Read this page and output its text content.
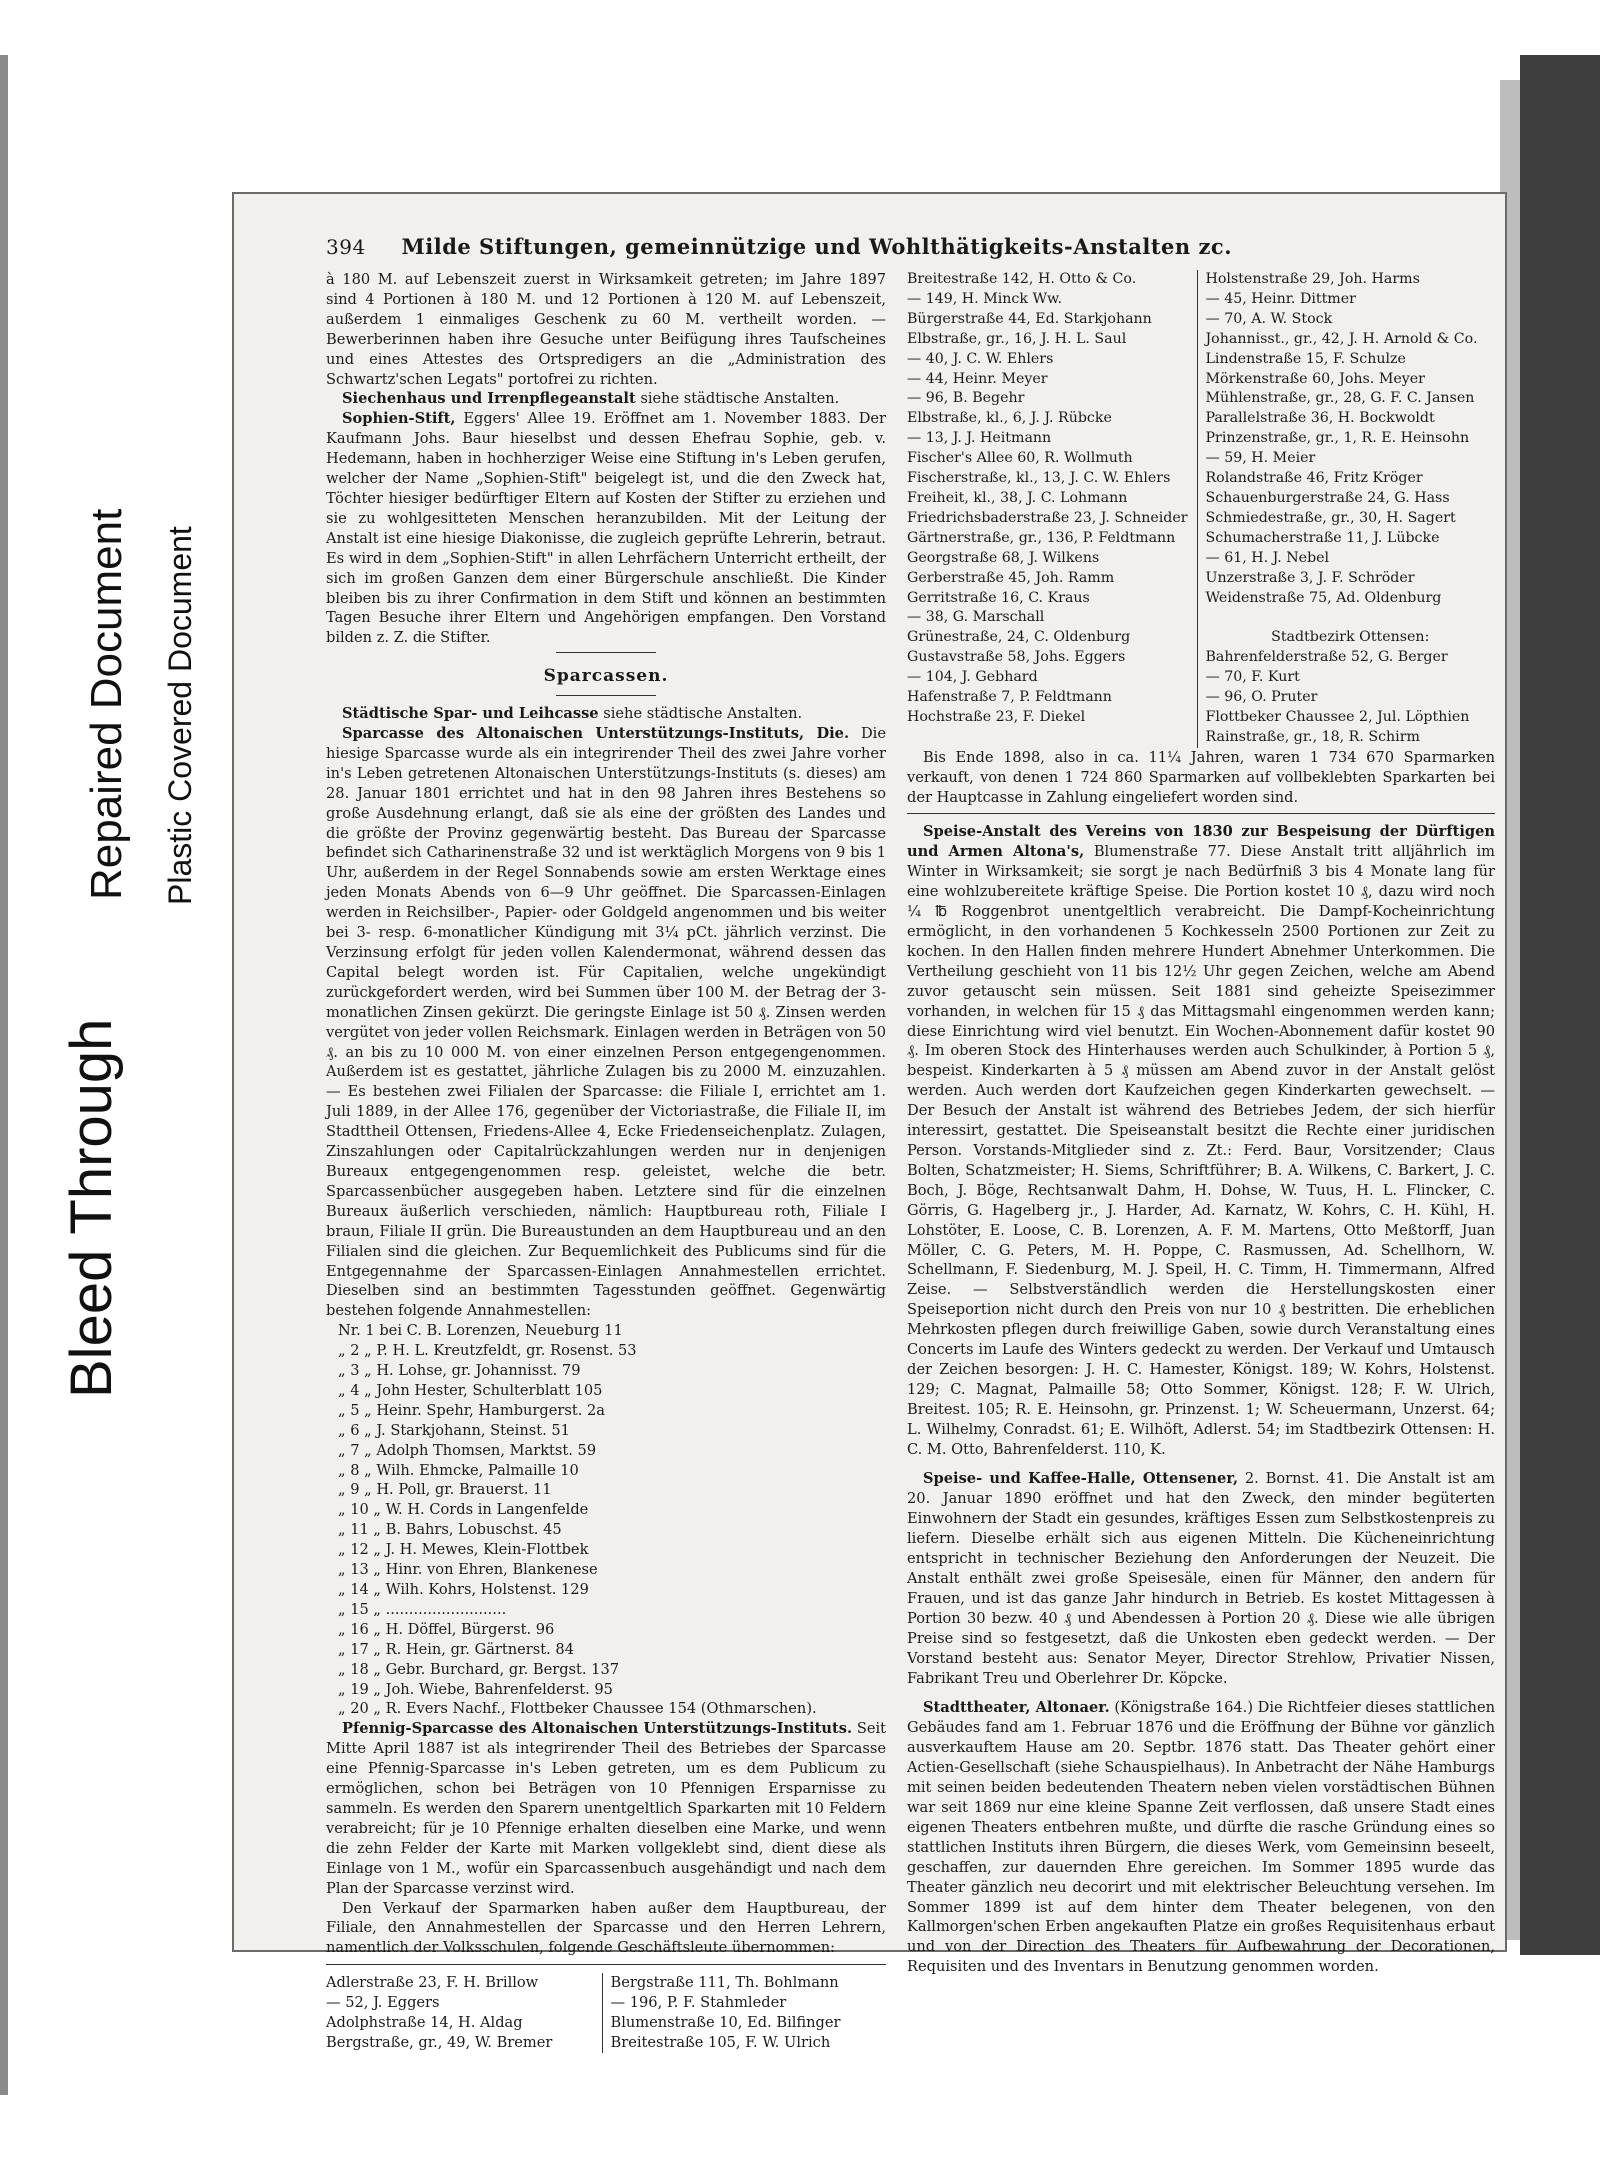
Bleed Through
Repaired Document Plastic Covered Document
394 Milde Stiftungen, gemeinnützige und Wohlthätigkeits-Anstalten zc.

à 180 M. auf Lebenszeit zuerst in Wirksamkeit getreten; im Jahre 1897 sind 4 Portionen à 180 M. und 12 Portionen à 120 M. auf Lebenszeit, außerdem 1 einmaliges Geschenk zu 60 M. vertheilt worden. — Bewerberinnen haben ihre Gesuche unter Beifügung ihres Taufscheines und eines Attestes des Ortspredigers an die „Administration des Schwartz'schen Legats" portofrei zu richten.

Siechenhaus und Irrenpflegeanstalt siehe städtische Anstalten.

Sophien-Stift, Eggers' Allee 19. Eröffnet am 1. November 1883. Der Kaufmann Johs. Baur hieselbst und dessen Ehefrau Sophie, geb. v. Hedemann, haben in hochherziger Weise eine Stiftung in's Leben gerufen, welcher der Name „Sophien-Stift" beigelegt ist, und die den Zweck hat, Töchter hiesiger bedürftiger Eltern auf Kosten der Stifter zu erziehen und sie zu wohlgesitteten Menschen heranzubilden. Mit der Leitung der Anstalt ist eine hiesige Diakonisse, die zugleich geprüfte Lehrerin, betraut. Es wird in dem „Sophien-Stift" in allen Lehrfächern Unterricht ertheilt, der sich im großen Ganzen dem einer Bürgerschule anschließt. Die Kinder bleiben bis zu ihrer Confirmation in dem Stift und können an bestimmten Tagen Besuche ihrer Eltern und Angehörigen empfangen. Den Vorstand bilden z. Z. die Stifter.

Sparcassen.

Städtische Spar- und Leihcasse siehe städtische Anstalten.

Sparcasse des Altonaischen Unterstützungs-Instituts, Die. Die hiesige Sparcasse wurde als ein integrirender Theil des zwei Jahre vorher in's Leben getretenen Altonaischen Unterstützungs-Instituts (s. dieses) am 28. Januar 1801 errichtet und hat in den 98 Jahren ihres Bestehens so große Ausdehnung erlangt, daß sie als eine der größten des Landes und die größte der Provinz gegenwärtig besteht. Das Bureau der Sparcasse befindet sich Catharinenstraße 32 und ist werktäglich Morgens von 9 bis 1 Uhr, außerdem in der Regel Sonnabends sowie am ersten Werktage eines jeden Monats Abends von 6—9 Uhr geöffnet. Die Sparcassen-Einlagen werden in Reichsilber-, Papier- oder Goldgeld angenommen und bis weiter bei 3- resp. 6-monatlicher Kündigung mit 3¼ pCt. jährlich verzinst. Die Verzinsung erfolgt für jeden vollen Kalendermonat, während dessen das Capital belegt worden ist. Für Capitalien, welche ungekündigt zurückgefordert werden, wird bei Summen über 100 M. der Betrag der 3-monatlichen Zinsen gekürzt. Die geringste Einlage ist 50 ₰. Zinsen werden vergütet von jeder vollen Reichsmark. Einlagen werden in Beträgen von 50 ₰. an bis zu 10 000 M. von einer einzelnen Person entgegengenommen. Außerdem ist es gestattet, jährliche Zulagen bis zu 2000 M. einzuzahlen. — Es bestehen zwei Filialen der Sparcasse: die Filiale I, errichtet am 1. Juli 1889, in der Allee 176, gegenüber der Victoriastraße, die Filiale II, im Stadttheil Ottensen, Friedens-Allee 4, Ecke Friedenseichenplatz. Zulagen, Zinszahlungen oder Capitalrückzahlungen werden nur in denjenigen Bureaux entgegengenommen resp. geleistet, welche die betr. Sparcassenbücher ausgegeben haben. Letztere sind für die einzelnen Bureaux äußerlich verschieden, nämlich: Hauptbureau roth, Filiale I braun, Filiale II grün. Die Bureaustunden an dem Hauptbureau und an den Filialen sind die gleichen. Zur Bequemlichkeit des Publicums sind für die Entgegennahme der Sparcassen-Einlagen Annahmestellen errichtet. Dieselben sind an bestimmten Tagesstunden geöffnet. Gegenwärtig bestehen folgende Annahmestellen:

Nr. 1 bei C. B. Lorenzen, Neueburg 11
„ 2 „ P. H. L. Kreutzfeldt, gr. Rosenst. 53
„ 3 „ H. Lohse, gr. Johannisst. 79
„ 4 „ John Hester, Schulterblatt 105
„ 5 „ Heinr. Spehr, Hamburgerst. 2a
„ 6 „ J. Starkjohann, Steinst. 51
„ 7 „ Adolph Thomsen, Marktst. 59
„ 8 „ Wilh. Ehmcke, Palmaille 10
„ 9 „ H. Poll, gr. Brauerst. 11
„ 10 „ W. H. Cords in Langenfelde
„ 11 „ B. Bahrs, Lobuschst. 45
„ 12 „ J. H. Mewes, Klein-Flottbek
„ 13 „ Hinr. von Ehren, Blankenese
„ 14 „ Wilh. Kohrs, Holstenst. 129
„ 15 „ ..........................
„ 16 „ H. Döffel, Bürgerst. 96
„ 17 „ R. Hein, gr. Gärtnerst. 84
„ 18 „ Gebr. Burchard, gr. Bergst. 137
„ 19 „ Joh. Wiebe, Bahrenfelderst. 95
„ 20 „ R. Evers Nachf., Flottbeker Chaussee 154 (Othmarschen).

Pfennig-Sparcasse des Altonaischen Unterstützungs-Instituts. Seit Mitte April 1887 ist als integrirender Theil des Betriebes der Sparcasse eine Pfennig-Sparcasse in's Leben getreten, um es dem Publicum zu ermöglichen, schon bei Beträgen von 10 Pfennigen Ersparnisse zu sammeln. Es werden den Sparern unentgeltlich Sparkarten mit 10 Feldern verabreicht; für je 10 Pfennige erhalten dieselben eine Marke, und wenn die zehn Felder der Karte mit Marken vollgeklebt sind, dient diese als Einlage von 1 M., wofür ein Sparcassenbuch ausgehändigt und nach dem Plan der Sparcasse verzinst wird.

Den Verkauf der Sparmarken haben außer dem Hauptbureau, der Filiale, den Annahmestellen der Sparcasse und den Herren Lehrern, namentlich der Volksschulen, folgende Geschäftsleute übernommen:

Adlerstraße 23, F. H. Brillow
— 52, J. Eggers
Adolphstraße 14, H. Aldag
Bergstraße, gr., 49, W. Bremer
Bergstraße 111, Th. Bohlmann
— 196, P. F. Stahmleder
Blumenstraße 10, Ed. Bilfinger
Breitestraße 105, F. W. Ulrich
Breitestraße 142, H. Otto & Co.
— 149, H. Minck Ww.
Bürgerstraße 44, Ed. Starkjohann
Elbstraße, gr., 16, J. H. L. Saul
— 40, J. C. W. Ehlers
— 44, Heinr. Meyer
— 96, B. Begehr
Elbstraße, kl., 6, J. J. Rübcke
— 13, J. J. Heitmann
Fischer's Allee 60, R. Wollmuth
Fischerstraße, kl., 13, J. C. W. Ehlers
Freiheit, kl., 38, J. C. Lohmann
Friedrichsbaderstraße 23, J. Schneider
Gärtnerstraße, gr., 136, P. Feldtmann
Georgstraße 68, J. Wilkens
Gerberstraße 45, Joh. Ramm
Gerritstraße 16, C. Kraus
— 38, G. Marschall
Grünestraße, 24, C. Oldenburg
Gustavstraße 58, Johs. Eggers
— 104, J. Gebhard
Hafenstraße 7, P. Feldtmann
Hochstraße 23, F. Diekel
Holstenstraße 29, Joh. Harms
— 45, Heinr. Dittmer
— 70, A. W. Stock
Johannisst., gr., 42, J. H. Arnold & Co.
Lindenstraße 15, F. Schulze
Mörkenstraße 60, Johs. Meyer
Mühlenstraße, gr., 28, G. F. C. Jansen
Parallelstraße 36, H. Bockwoldt
Prinzenstraße, gr., 1, R. E. Heinsohn
— 59, H. Meier
Rolandstraße 46, Fritz Kröger
Schauenburgerstraße 24, G. Hass
Schmiedestraße, gr., 30, H. Sagert
Schumacherstraße 11, J. Lübcke
— 61, H. J. Nebel
Unzerstraße 3, J. F. Schröder
Weidenstraße 75, Ad. Oldenburg

Stadtbezirk Ottensen:
Bahrenfelderstraße 52, G. Berger
— 70, F. Kurt
— 96, O. Pruter
Flottbeker Chaussee 2, Jul. Löpthien
Rainstraße, gr., 18, R. Schirm

Bis Ende 1898, also in ca. 11¼ Jahren, waren 1 734 670 Sparmarken verkauft, von denen 1 724 860 Sparmarken auf vollbeklebten Sparkarten bei der Hauptcasse in Zahlung eingeliefert worden sind.

Speise-Anstalt des Vereins von 1830 zur Bespeisung der Dürftigen und Armen Altona's, Blumenstraße 77. Diese Anstalt tritt alljährlich im Winter in Wirksamkeit; sie sorgt je nach Bedürfniß 3 bis 4 Monate lang für eine wohlzubereitete kräftige Speise. Die Portion kostet 10 ₰, dazu wird noch ¼ ℔ Roggenbrot unentgeltlich verabreicht. Die Dampf-Kocheinrichtung ermöglicht, in den vorhandenen 5 Kochkesseln 2500 Portionen zur Zeit zu kochen. In den Hallen finden mehrere Hundert Abnehmer Unterkommen. Die Vertheilung geschieht von 11 bis 12½ Uhr gegen Zeichen, welche am Abend zuvor getauscht sein müssen. Seit 1881 sind geheizte Speisezimmer vorhanden, in welchen für 15 ₰ das Mittagsmahl eingenommen werden kann; diese Einrichtung wird viel benutzt. Ein Wochen-Abonnement dafür kostet 90 ₰. Im oberen Stock des Hinterhauses werden auch Schulkinder, à Portion 5 ₰, bespeist. Kinderkarten à 5 ₰ müssen am Abend zuvor in der Anstalt gelöst werden. Auch werden dort Kaufzeichen gegen Kinderkarten gewechselt. — Der Besuch der Anstalt ist während des Betriebes Jedem, der sich hierfür interessirt, gestattet. Die Speiseanstalt besitzt die Rechte einer juridischen Person. Vorstands-Mitglieder sind z. Zt.: Ferd. Baur, Vorsitzender; Claus Bolten, Schatzmeister; H. Siems, Schriftführer; B. A. Wilkens, C. Barkert, J. C. Boch, J. Böge, Rechtsanwalt Dahm, H. Dohse, W. Tuus, H. L. Flincker, C. Görris, G. Hagelberg jr., J. Harder, Ad. Karnatz, W. Kohrs, C. H. Kühl, H. Lohstöter, E. Loose, C. B. Lorenzen, A. F. M. Martens, Otto Meßtorff, Juan Möller, C. G. Peters, M. H. Poppe, C. Rasmussen, Ad. Schellhorn, W. Schellmann, F. Siedenburg, M. J. Speil, H. C. Timm, H. Timmermann, Alfred Zeise. — Selbstverständlich werden die Herstellungskosten einer Speiseportion nicht durch den Preis von nur 10 ₰ bestritten. Die erheblichen Mehrkosten pflegen durch freiwillige Gaben, sowie durch Veranstaltung eines Concerts im Laufe des Winters gedeckt zu werden. Der Verkauf und Umtausch der Zeichen besorgen: J. H. C. Hamester, Königst. 189; W. Kohrs, Holstenst. 129; C. Magnat, Palmaille 58; Otto Sommer, Königst. 128; F. W. Ulrich, Breitest. 105; R. E. Heinsohn, gr. Prinzenst. 1; W. Scheuermann, Unzerst. 64; L. Wilhelmy, Conradst. 61; E. Wilhöft, Adlerst. 54; im Stadtbezirk Ottensen: H. C. M. Otto, Bahrenfelderst. 110, K.

Speise- und Kaffee-Halle, Ottensener, 2. Bornst. 41. Die Anstalt ist am 20. Januar 1890 eröffnet und hat den Zweck, den minder begüterten Einwohnern der Stadt ein gesundes, kräftiges Essen zum Selbstkostenpreis zu liefern. Dieselbe erhält sich aus eigenen Mitteln. Die Kücheneinrichtung entspricht in technischer Beziehung den Anforderungen der Neuzeit. Die Anstalt enthält zwei große Speisesäle, einen für Männer, den andern für Frauen, und ist das ganze Jahr hindurch in Betrieb. Es kostet Mittagessen à Portion 30 bezw. 40 ₰ und Abendessen à Portion 20 ₰. Diese wie alle übrigen Preise sind so festgesetzt, daß die Unkosten eben gedeckt werden. — Der Vorstand besteht aus: Senator Meyer, Director Strehlow, Privatier Nissen, Fabrikant Treu und Oberlehrer Dr. Köpcke.

Stadttheater, Altonaer. (Königstraße 164.) Die Richtfeier dieses stattlichen Gebäudes fand am 1. Februar 1876 und die Eröffnung der Bühne vor gänzlich ausverkauftem Hause am 20. Septbr. 1876 statt. Das Theater gehört einer Actien-Gesellschaft (siehe Schauspielhaus). In Anbetracht der Nähe Hamburgs mit seinen beiden bedeutenden Theatern neben vielen vorstädtischen Bühnen war seit 1869 nur eine kleine Spanne Zeit verflossen, daß unsere Stadt eines eigenen Theaters entbehren mußte, und dürfte die rasche Gründung eines so stattlichen Instituts ihren Bürgern, die dieses Werk, vom Gemeinsinn beseelt, geschaffen, zur dauernden Ehre gereichen. Im Sommer 1895 wurde das Theater gänzlich neu decorirt und mit elektrischer Beleuchtung versehen. Im Sommer 1899 ist auf dem hinter dem Theater belegenen, von den Kallmorgen'schen Erben angekauften Platze ein großes Requisitenhaus erbaut und von der Direction des Theaters für Aufbewahrung der Decorationen, Requisiten und des Inventars in Benutzung genommen worden.
